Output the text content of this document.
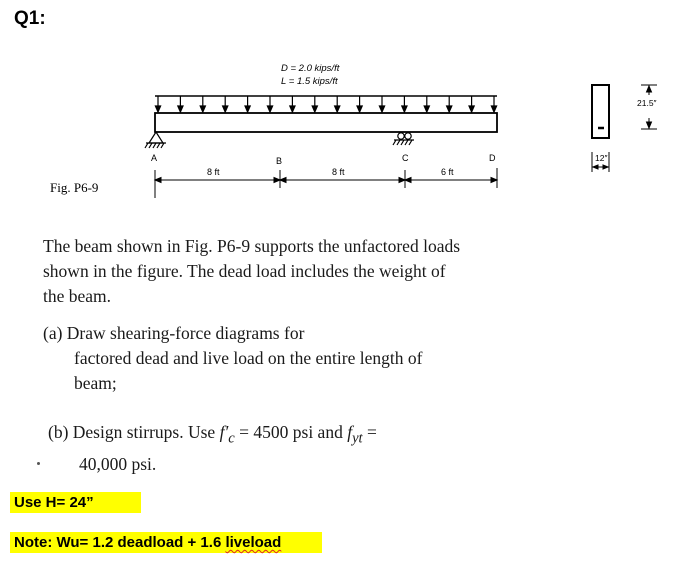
Q1:
D = 2.0 kips/ft
L = 1.5 kips/ft
A	B	C	D
8 ft	8 ft	6 ft
21.5″
12″
Fig. P6-9

The beam shown in Fig. P6-9 supports the unfactored loads shown in the figure. The dead load includes the weight of the beam.

(a) Draw shearing-force diagrams for
factored dead and live load on the entire length of beam;
(b) Design stirrups. Use $f'_c = 4500$ psi and $f_{yt}$ =
40,000 psi.
Use H= 24”
Note: Wu= 1.2 deadload + 1.6 liveload
